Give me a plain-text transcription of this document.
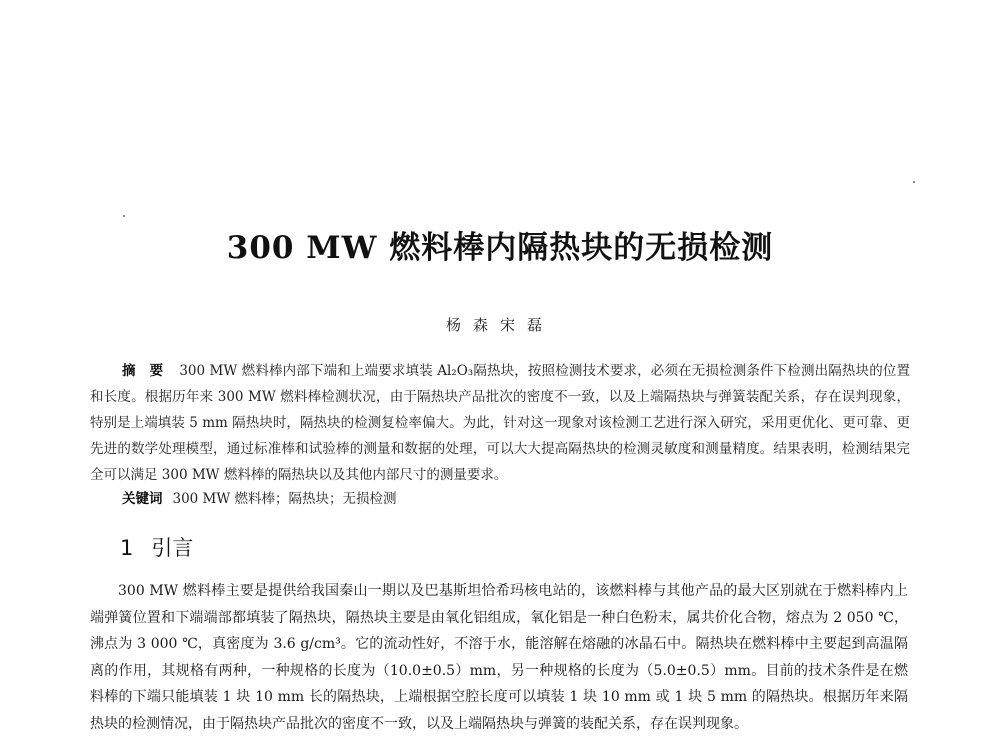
300 MW 燃料棒内隔热块的无损检测
杨森宋磊
摘要 300 MW 燃料棒内部下端和上端要求填装 Al₂O₃隔热块，按照检测技术要求，必须在无损检测条件下检测出隔热块的位置和长度。根据历年来 300 MW 燃料棒检测状况，由于隔热块产品批次的密度不一致，以及上端隔热块与弹簧装配关系，存在误判现象，特别是上端填装 5 mm 隔热块时，隔热块的检测复检率偏大。为此，针对这一现象对该检测工艺进行深入研究，采用更优化、更可靠、更先进的数学处理模型，通过标准棒和试验棒的测量和数据的处理，可以大大提高隔热块的检测灵敏度和测量精度。结果表明，检测结果完全可以满足 300 MW 燃料棒的隔热块以及其他内部尺寸的测量要求。
关键词 300 MW 燃料棒；隔热块；无损检测
1 引言
300 MW 燃料棒主要是提供给我国秦山一期以及巴基斯坦恰希玛核电站的，该燃料棒与其他产品的最大区别就在于燃料棒内上端弹簧位置和下端端部都填装了隔热块，隔热块主要是由氧化铝组成，氧化铝是一种白色粉末，属共价化合物，熔点为 2 050 ℃，沸点为 3 000 ℃，真密度为 3.6 g/cm³。它的流动性好，不溶于水，能溶解在熔融的冰晶石中。隔热块在燃料棒中主要起到高温隔离的作用，其规格有两种，一种规格的长度为（10.0±0.5）mm，另一种规格的长度为（5.0±0.5）mm。目前的技术条件是在燃料棒的下端只能填装 1 块 10 mm 长的隔热块，上端根据空腔长度可以填装 1 块 10 mm 或 1 块 5 mm 的隔热块。根据历年来隔热块的检测情况，由于隔热块产品批次的密度不一致，以及上端隔热块与弹簧的装配关系，存在误判现象。
